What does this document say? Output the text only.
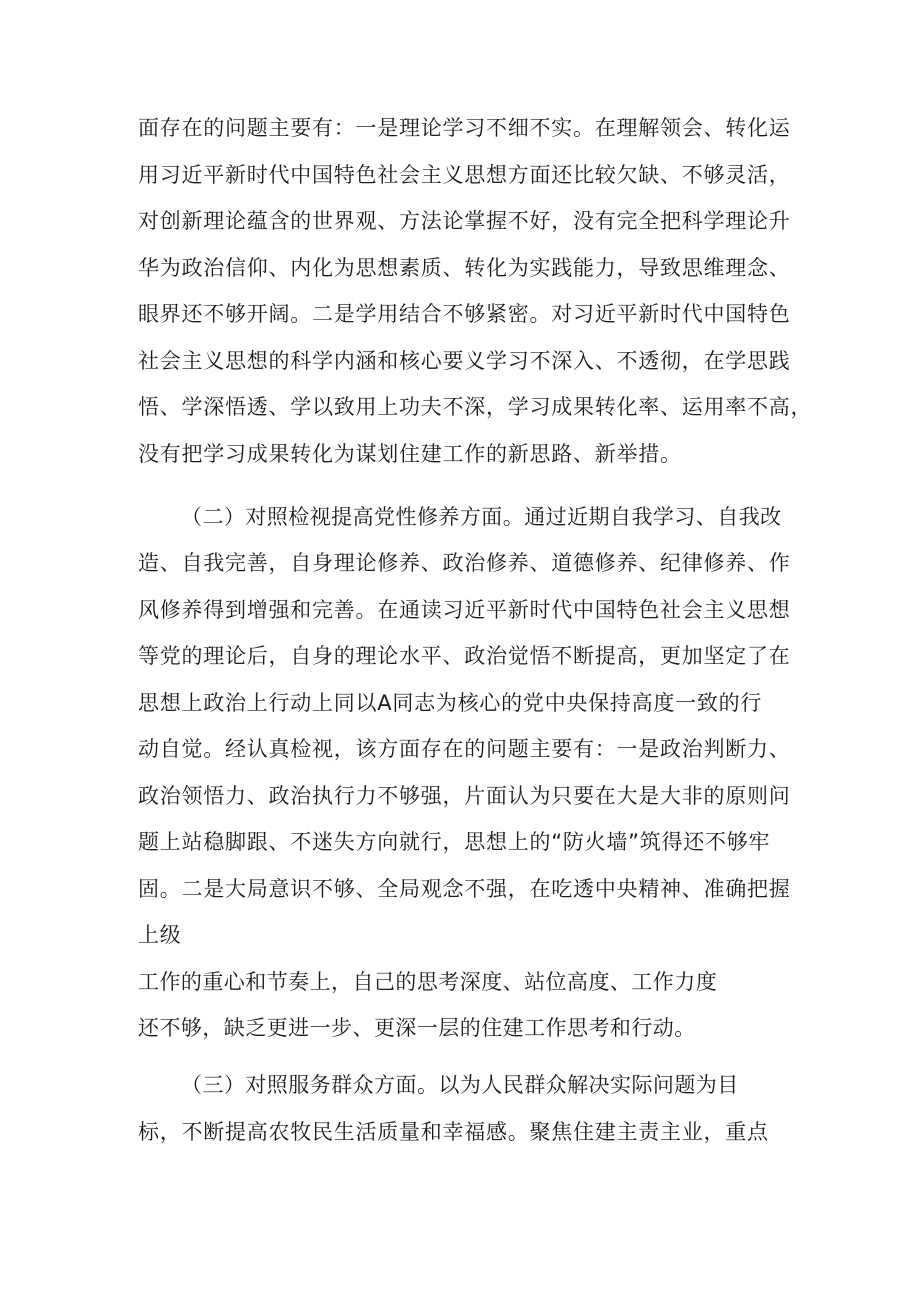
面存在的问题主要有：一是理论学习不细不实。在理解领会、转化运
用习近平新时代中国特色社会主义思想方面还比较欠缺、不够灵活，
对创新理论蕴含的世界观、方法论掌握不好，没有完全把科学理论升
华为政治信仰、内化为思想素质、转化为实践能力，导致思维理念、
眼界还不够开阔。二是学用结合不够紧密。对习近平新时代中国特色
社会主义思想的科学内涵和核心要义学习不深入、不透彻，在学思践
悟、学深悟透、学以致用上功夫不深，学习成果转化率、运用率不高，
没有把学习成果转化为谋划住建工作的新思路、新举措。
（二）对照检视提高党性修养方面。通过近期自我学习、自我改
造、自我完善，自身理论修养、政治修养、道德修养、纪律修养、作
风修养得到增强和完善。在通读习近平新时代中国特色社会主义思想
等党的理论后，自身的理论水平、政治觉悟不断提高，更加坚定了在
思想上政治上行动上同以A同志为核心的党中央保持高度一致的行
动自觉。经认真检视，该方面存在的问题主要有：一是政治判断力、
政治领悟力、政治执行力不够强，片面认为只要在大是大非的原则问
题上站稳脚跟、不迷失方向就行，思想上的“防火墙”筑得还不够牢
固。二是大局意识不够、全局观念不强，在吃透中央精神、准确把握
上级
工作的重心和节奏上，自己的思考深度、站位高度、工作力度
还不够，缺乏更进一步、更深一层的住建工作思考和行动。
（三）对照服务群众方面。以为人民群众解决实际问题为目
标，不断提高农牧民生活质量和幸福感。聚焦住建主责主业，重点
